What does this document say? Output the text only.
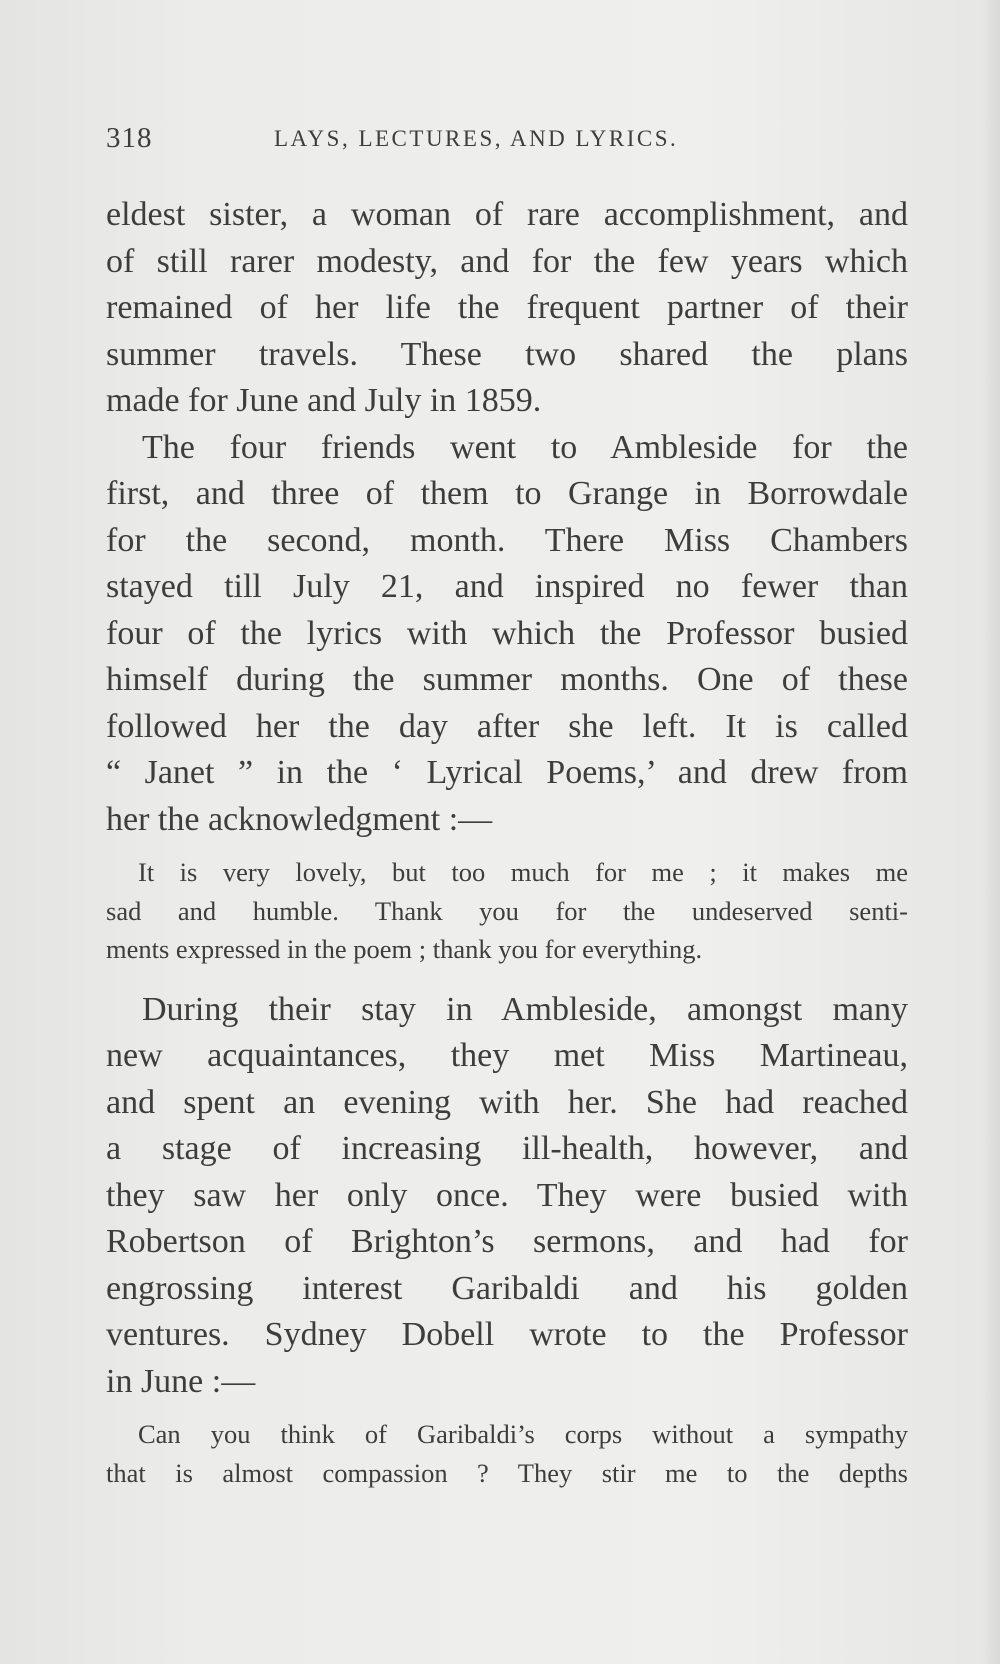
318	LAYS, LECTURES, AND LYRICS.
eldest sister, a woman of rare accomplishment, and
of still rarer modesty, and for the few years which
remained of her life the frequent partner of their
summer travels. These two shared the plans
made for June and July in 1859.
The four friends went to Ambleside for the
first, and three of them to Grange in Borrowdale
for the second, month. There Miss Chambers
stayed till July 21, and inspired no fewer than
four of the lyrics with which the Professor busied
himself during the summer months. One of these
followed her the day after she left. It is called
“ Janet ” in the ‘ Lyrical Poems,’ and drew from
her the acknowledgment :—
It is very lovely, but too much for me ; it makes me
sad and humble. Thank you for the undeserved senti-
ments expressed in the poem ; thank you for everything.
During their stay in Ambleside, amongst many
new acquaintances, they met Miss Martineau,
and spent an evening with her. She had reached
a stage of increasing ill-health, however, and
they saw her only once. They were busied with
Robertson of Brighton’s sermons, and had for
engrossing interest Garibaldi and his golden
ventures. Sydney Dobell wrote to the Professor
in June :—
Can you think of Garibaldi’s corps without a sympathy
that is almost compassion ? They stir me to the depths
